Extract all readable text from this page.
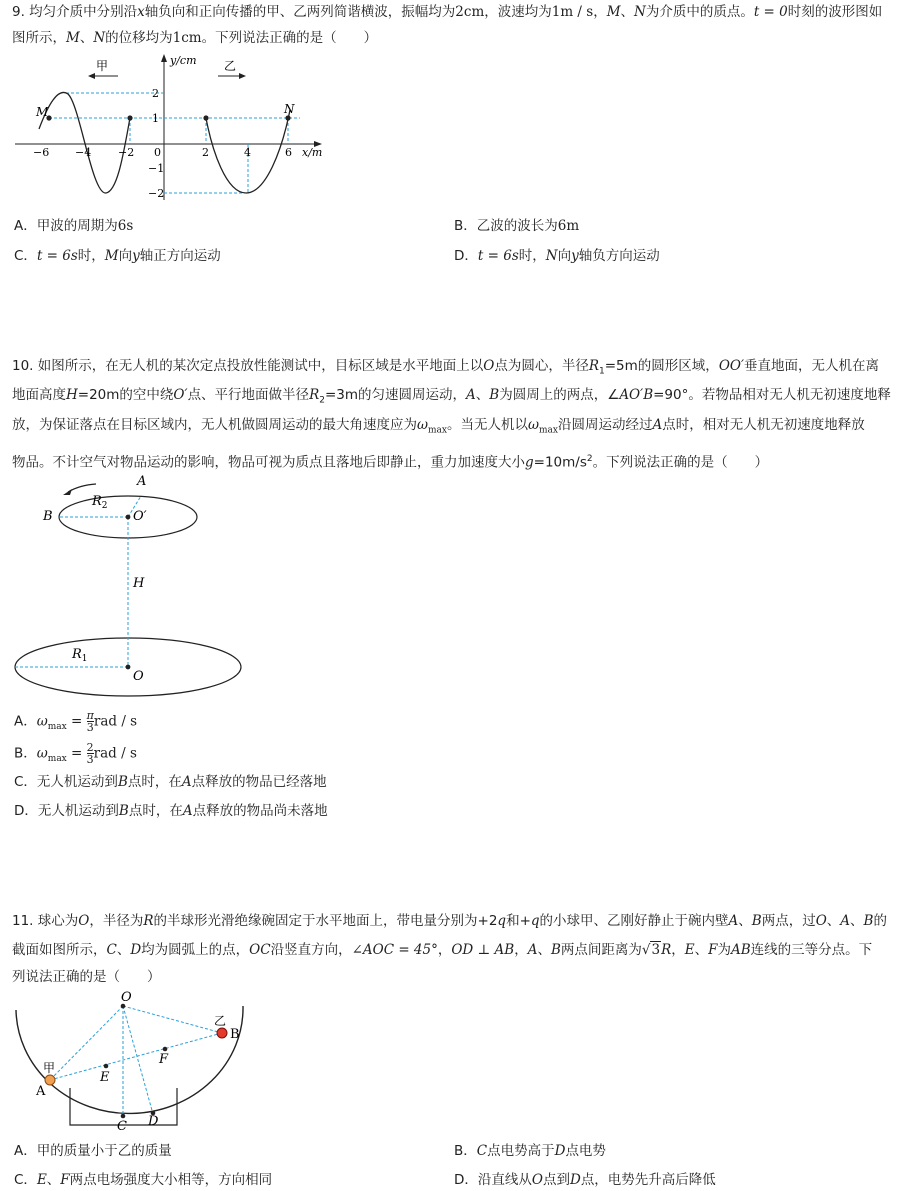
9. 均匀介质中分别沿x轴负向和正向传播的甲、乙两列简谐横波，振幅均为2cm，波速均为1m / s，M、N为介质中的质点。t = 0时刻的波形图如
图所示，M、N的位移均为1cm。下列说法正确的是（　　）
甲	乙
y/cm
x/m
M	N
0
−6 −4 −2	2	4	6
2
1
−1
−2
A．甲波的周期为6s	B．乙波的波长为6m
C．t = 6s时，M向y轴正方向运动	D．t = 6s时，N向y轴负方向运动
10. 如图所示，在无人机的某次定点投放性能测试中，目标区域是水平地面上以O点为圆心，半径$R_1=5m$的圆形区域，OO′垂直地面，无人机在离
地面高度H=20m的空中绕O′点、平行地面做半径$R_2=3m$的匀速圆周运动，A、B为圆周上的两点，∠AO′B=90°。若物品相对无人机无初速度地释
放，为保证落点在目标区域内，无人机做圆周运动的最大角速度应为$\omega_{max}$。当无人机以$\omega_{max}$沿圆周运动经过A点时，相对无人机无初速度地释放
物品。不计空气对物品运动的影响，物品可视为质点且落地后即静止，重力加速度大小$g=10m/s^2$。下列说法正确的是（　　）
A
B
$R_2$
O′
H
$R_1$
O
A．$\omega_{max} = \frac{\pi}{3}$ rad / s
B．$\omega_{max} = \frac{2}{3}$ rad / s
C．无人机运动到B点时，在A点释放的物品已经落地
D．无人机运动到B点时，在A点释放的物品尚未落地
11. 球心为O，半径为R的半球形光滑绝缘碗固定于水平地面上，带电量分别为+2q和+q的小球甲、乙刚好静止于碗内壁A、B两点，过O、A、B的
截面如图所示，C、D均为圆弧上的点，OC沿竖直方向，∠AOC = 45°，OD ⊥ AB，A、B两点间距离为√3R，E、F为AB连线的三等分点。下
列说法正确的是（　　）
O
A
B
甲
乙
E
F
C D
A．甲的质量小于乙的质量	B．C点电势高于D点电势
C．E、F两点电场强度大小相等，方向相同	D．沿直线从O点到D点，电势先升高后降低
